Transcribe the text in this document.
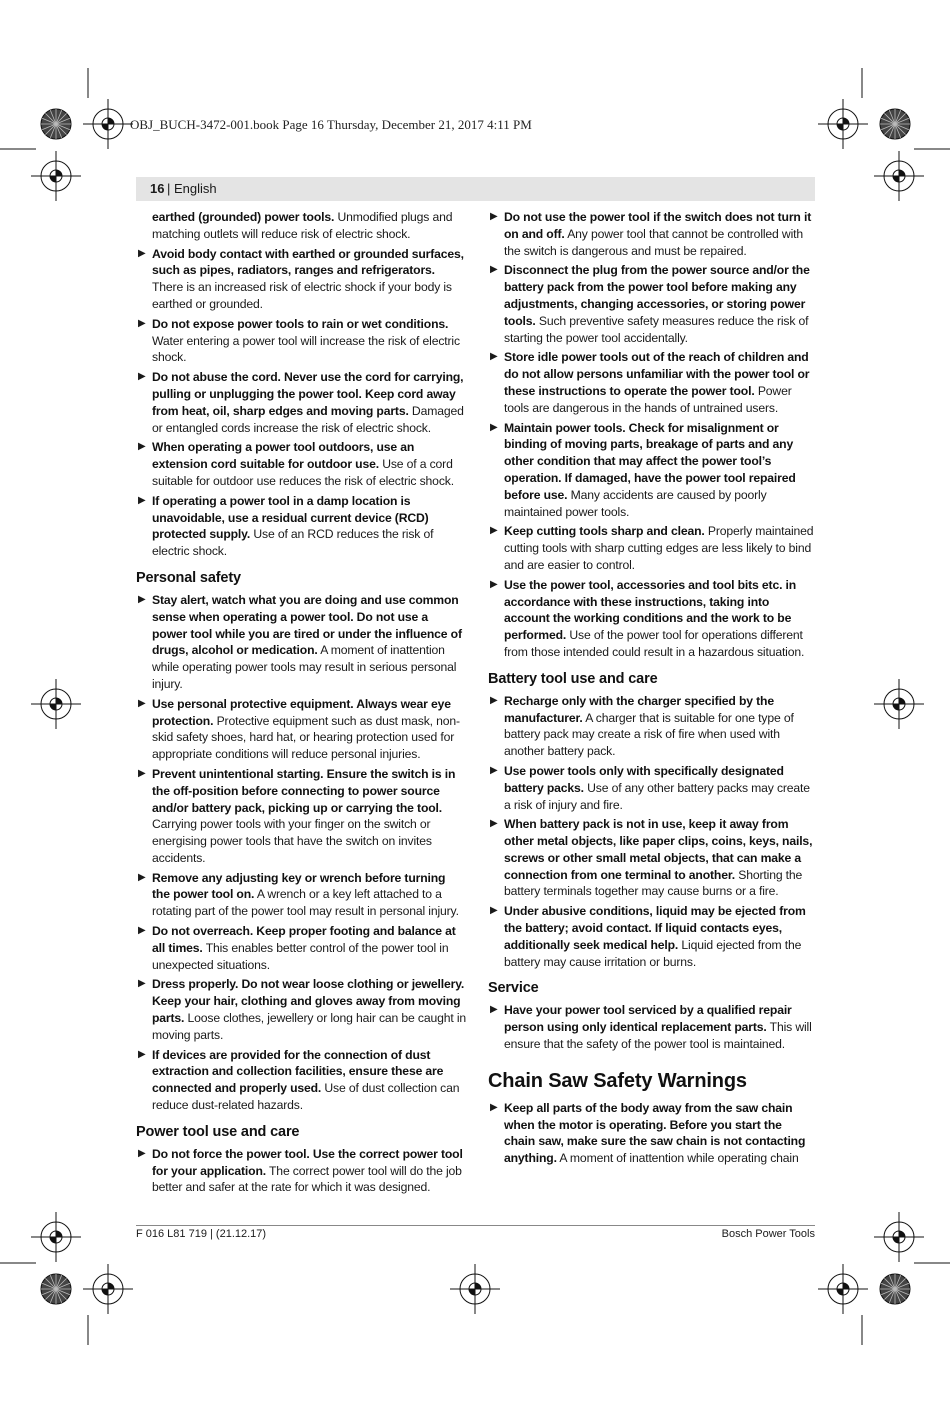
OBJ_BUCH-3472-001.book Page 16 Thursday, December 21, 2017 4:11 PM
16 | English
earthed (grounded) power tools. Unmodified plugs and matching outlets will reduce risk of electric shock.
▶ Avoid body contact with earthed or grounded surfaces, such as pipes, radiators, ranges and refrigerators. There is an increased risk of electric shock if your body is earthed or grounded.
▶ Do not expose power tools to rain or wet conditions. Water entering a power tool will increase the risk of electric shock.
▶ Do not abuse the cord. Never use the cord for carrying, pulling or unplugging the power tool. Keep cord away from heat, oil, sharp edges and moving parts. Damaged or entangled cords increase the risk of electric shock.
▶ When operating a power tool outdoors, use an extension cord suitable for outdoor use. Use of a cord suitable for outdoor use reduces the risk of electric shock.
▶ If operating a power tool in a damp location is unavoidable, use a residual current device (RCD) protected supply. Use of an RCD reduces the risk of electric shock.
Personal safety
▶ Stay alert, watch what you are doing and use common sense when operating a power tool. Do not use a power tool while you are tired or under the influence of drugs, alcohol or medication. A moment of inattention while operating power tools may result in serious personal injury.
▶ Use personal protective equipment. Always wear eye protection. Protective equipment such as dust mask, non-skid safety shoes, hard hat, or hearing protection used for appropriate conditions will reduce personal injuries.
▶ Prevent unintentional starting. Ensure the switch is in the off-position before connecting to power source and/or battery pack, picking up or carrying the tool. Carrying power tools with your finger on the switch or energising power tools that have the switch on invites accidents.
▶ Remove any adjusting key or wrench before turning the power tool on. A wrench or a key left attached to a rotating part of the power tool may result in personal injury.
▶ Do not overreach. Keep proper footing and balance at all times. This enables better control of the power tool in unexpected situations.
▶ Dress properly. Do not wear loose clothing or jewellery. Keep your hair, clothing and gloves away from moving parts. Loose clothes, jewellery or long hair can be caught in moving parts.
▶ If devices are provided for the connection of dust extraction and collection facilities, ensure these are connected and properly used. Use of dust collection can reduce dust-related hazards.
Power tool use and care
▶ Do not force the power tool. Use the correct power tool for your application. The correct power tool will do the job better and safer at the rate for which it was designed.
▶ Do not use the power tool if the switch does not turn it on and off. Any power tool that cannot be controlled with the switch is dangerous and must be repaired.
▶ Disconnect the plug from the power source and/or the battery pack from the power tool before making any adjustments, changing accessories, or storing power tools. Such preventive safety measures reduce the risk of starting the power tool accidentally.
▶ Store idle power tools out of the reach of children and do not allow persons unfamiliar with the power tool or these instructions to operate the power tool. Power tools are dangerous in the hands of untrained users.
▶ Maintain power tools. Check for misalignment or binding of moving parts, breakage of parts and any other condition that may affect the power tool’s operation. If damaged, have the power tool repaired before use. Many accidents are caused by poorly maintained power tools.
▶ Keep cutting tools sharp and clean. Properly maintained cutting tools with sharp cutting edges are less likely to bind and are easier to control.
▶ Use the power tool, accessories and tool bits etc. in accordance with these instructions, taking into account the working conditions and the work to be performed. Use of the power tool for operations different from those intended could result in a hazardous situation.
Battery tool use and care
▶ Recharge only with the charger specified by the manufacturer. A charger that is suitable for one type of battery pack may create a risk of fire when used with another battery pack.
▶ Use power tools only with specifically designated battery packs. Use of any other battery packs may create a risk of injury and fire.
▶ When battery pack is not in use, keep it away from other metal objects, like paper clips, coins, keys, nails, screws or other small metal objects, that can make a connection from one terminal to another. Shorting the battery terminals together may cause burns or a fire.
▶ Under abusive conditions, liquid may be ejected from the battery; avoid contact. If liquid contacts eyes, additionally seek medical help. Liquid ejected from the battery may cause irritation or burns.
Service
▶ Have your power tool serviced by a qualified repair person using only identical replacement parts. This will ensure that the safety of the power tool is maintained.
Chain Saw Safety Warnings
▶ Keep all parts of the body away from the saw chain when the motor is operating. Before you start the chain saw, make sure the saw chain is not contacting anything. A moment of inattention while operating chain
F 016 L81 719 | (21.12.17)	Bosch Power Tools
